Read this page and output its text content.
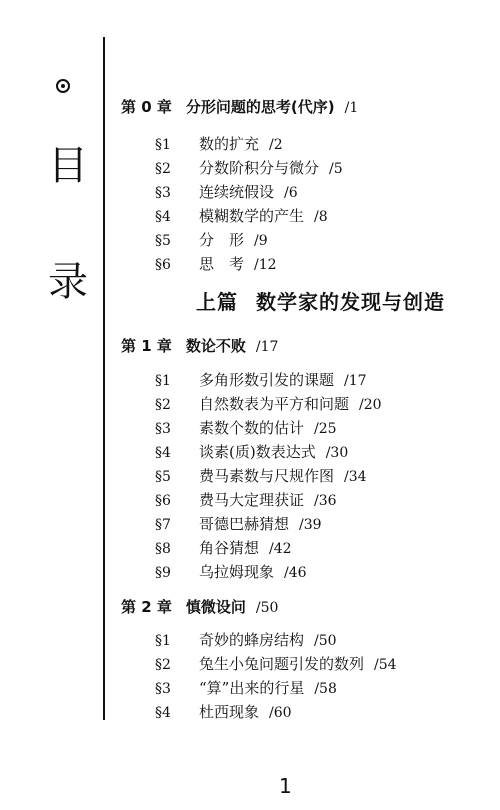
目
录
第 0 章 分形问题的思考(代序) /1
§1 数的扩充 /2
§2 分数阶积分与微分 /5
§3 连续统假设 /6
§4 模糊数学的产生 /8
§5 分　形 /9
§6 思　考 /12
上篇 数学家的发现与创造
第 1 章 数论不败 /17
§1 多角形数引发的课题 /17
§2 自然数表为平方和问题 /20
§3 素数个数的估计 /25
§4 谈素(质)数表达式 /30
§5 费马素数与尺规作图 /34
§6 费马大定理获证 /36
§7 哥德巴赫猜想 /39
§8 角谷猜想 /42
§9 乌拉姆现象 /46
第 2 章 慎微设问 /50
§1 奇妙的蜂房结构 /50
§2 兔生小兔问题引发的数列 /54
§3 “算”出来的行星 /58
§4 杜西现象 /60
1
